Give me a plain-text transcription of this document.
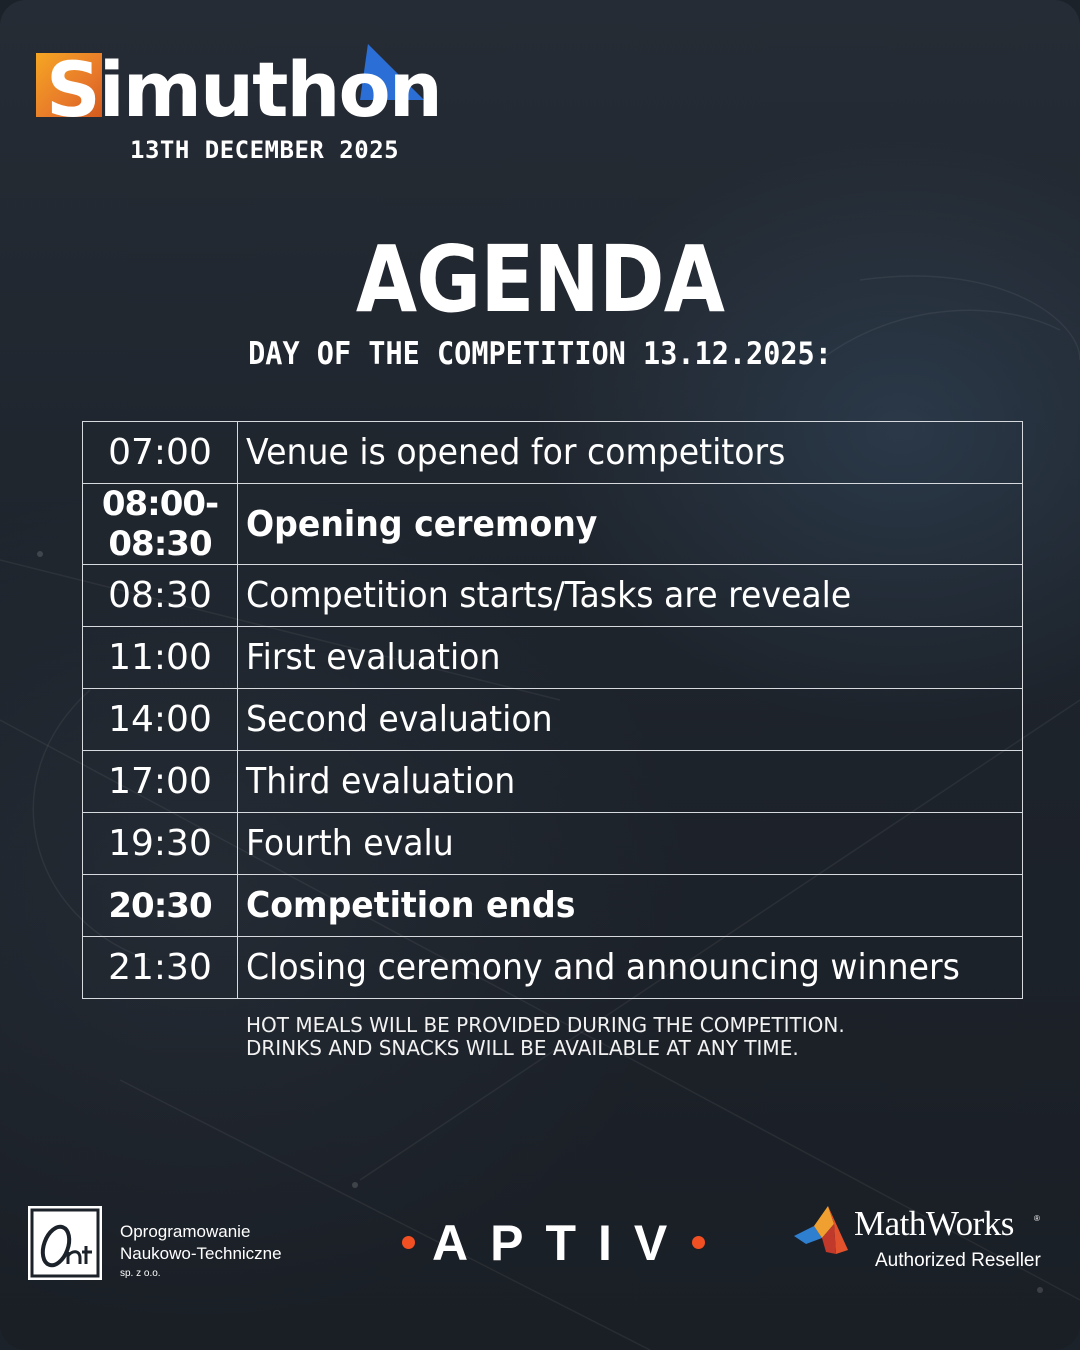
Simuthon
13TH DECEMBER 2025
AGENDA
DAY OF THE COMPETITION 13.12.2025:
07:00	Venue is opened for competitors
08:00-08:30	Opening ceremony
08:30	Competition starts/Tasks are reveale
11:00	First evaluation
14:00	Second evaluation
17:00	Third evaluation
19:30	Fourth evalu
20:30	Competition ends
21:30	Closing ceremony and announcing winners
HOT MEALS WILL BE PROVIDED DURING THE COMPETITION.
DRINKS AND SNACKS WILL BE AVAILABLE AT ANY TIME.
Oprogramowanie
Naukowo-Techniczne
sp. z o.o.
APTIV	MathWorks	®
Authorized Reseller
